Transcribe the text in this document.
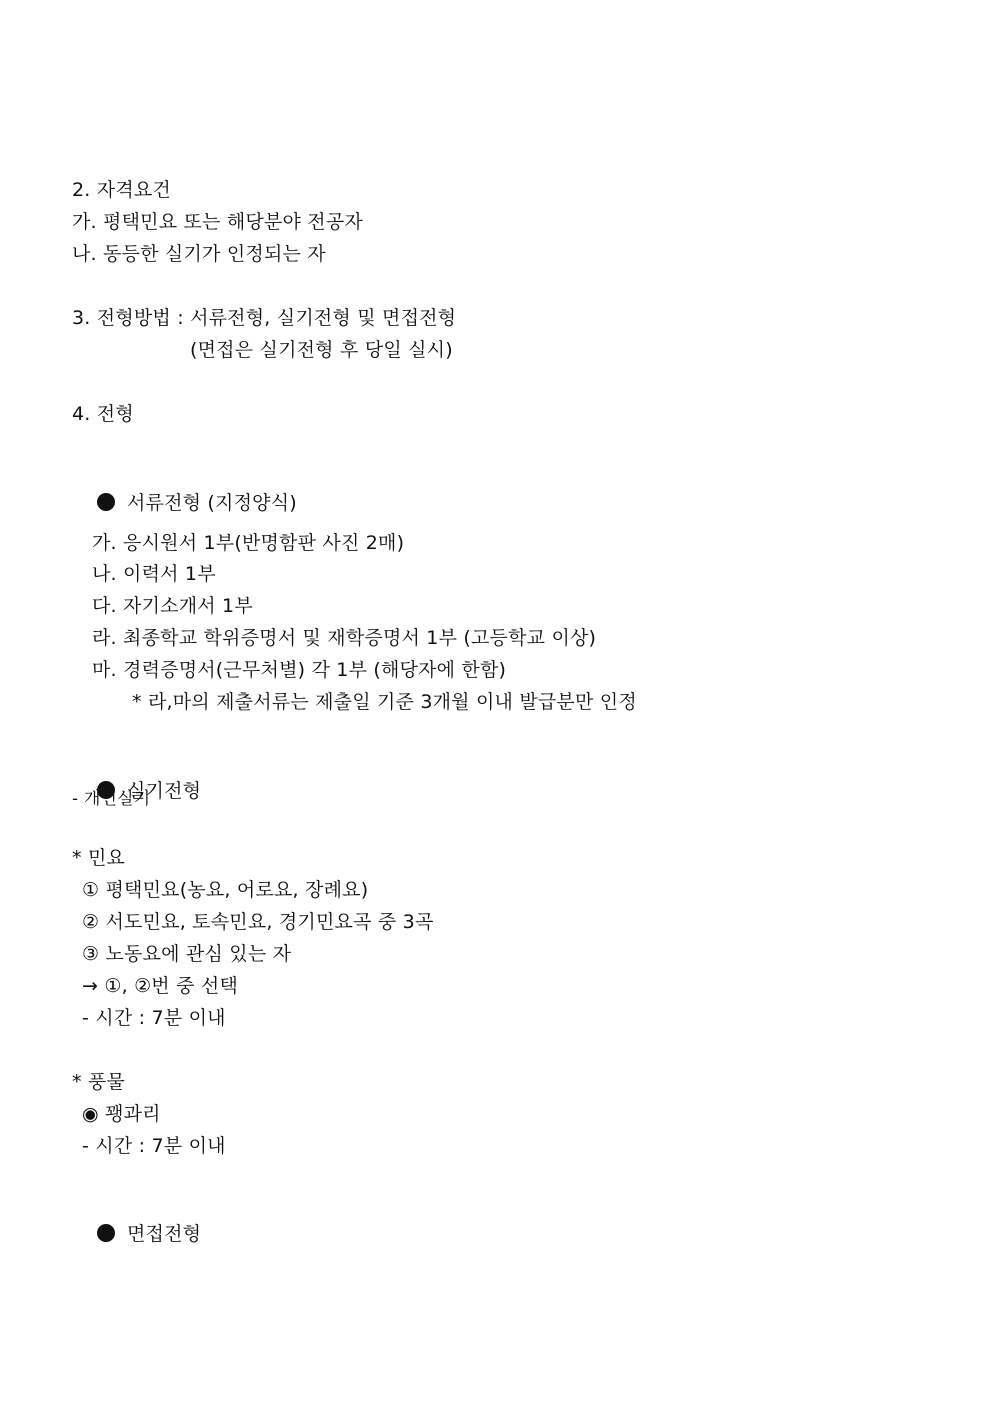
2. 자격요건
가. 평택민요 또는 해당분야 전공자
나. 동등한 실기가 인정되는 자
3. 전형방법 : 서류전형, 실기전형 및 면접전형
(면접은 실기전형 후 당일 실시)
4. 전형

서류전형 (지정양식)

가. 응시원서 1부(반명함판 사진 2매)
나. 이력서 1부
다. 자기소개서 1부
라. 최종학교 학위증명서 및 재학증명서 1부 (고등학교 이상)
마. 경력증명서(근무처별) 각 1부 (해당자에 한함)
* 라,마의 제출서류는 제출일 기준 3개월 이내 발급분만 인정

실기전형

- 개인실기
* 민요
① 평택민요(농요, 어로요, 장례요)
② 서도민요, 토속민요, 경기민요곡 중 3곡
③ 노동요에 관심 있는 자
→ ①, ②번 중 선택
- 시간 : 7분 이내
* 풍물
◉ 꽹과리
- 시간 : 7분 이내

면접전형
